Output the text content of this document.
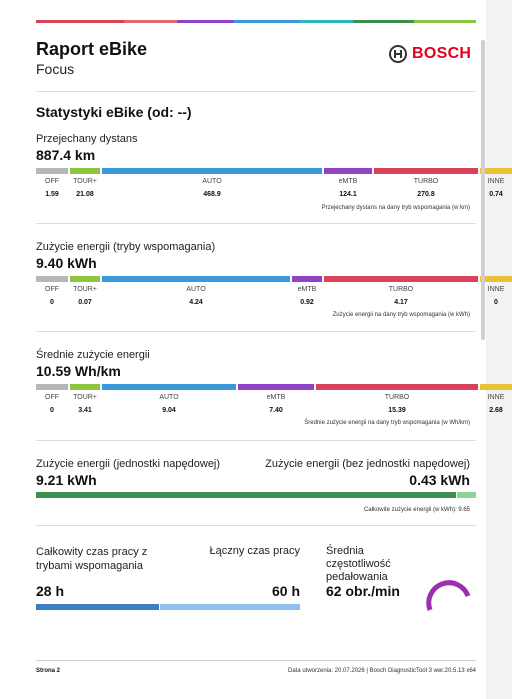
Raport eBike
Focus
BOSCH
Statystyki eBike (od: --)
Przejechany dystans
887.4 km
OFF
1.59
TOUR+
21.08
AUTO
468.9
eMTB
124.1
TURBO
270.8
INNE
0.74
Przejechany dystans na dany tryb wspomagania (w km)
Zużycie energii (tryby wspomagania)
9.40 kWh
OFF
0
TOUR+
0.07
AUTO
4.24
eMTB
0.92
TURBO
4.17
INNE
0
Zużycie energii na dany tryb wspomagania (w kWh)
Średnie zużycie energii
10.59 Wh/km
OFF
0
TOUR+
3.41
AUTO
9.04
eMTB
7.40
TURBO
15.39
INNE
2.68
Średnie zużycie energii na dany tryb wspomagania (w Wh/km)
Zużycie energii (jednostki napędowej)
9.21 kWh
Zużycie energii (bez jednostki napędowej)
0.43 kWh
Całkowite zużycie energii (w kWh): 9.65
Całkowity czas pracy z trybami wspomagania
28 h
Łączny czas pracy
60 h
Średnia częstotliwość pedałowania
62 obr./min
Strona 2	Data utworzenia: 20.07.2026 | Bosch DiagnosticTool 3 wer.20.5.13 x64
